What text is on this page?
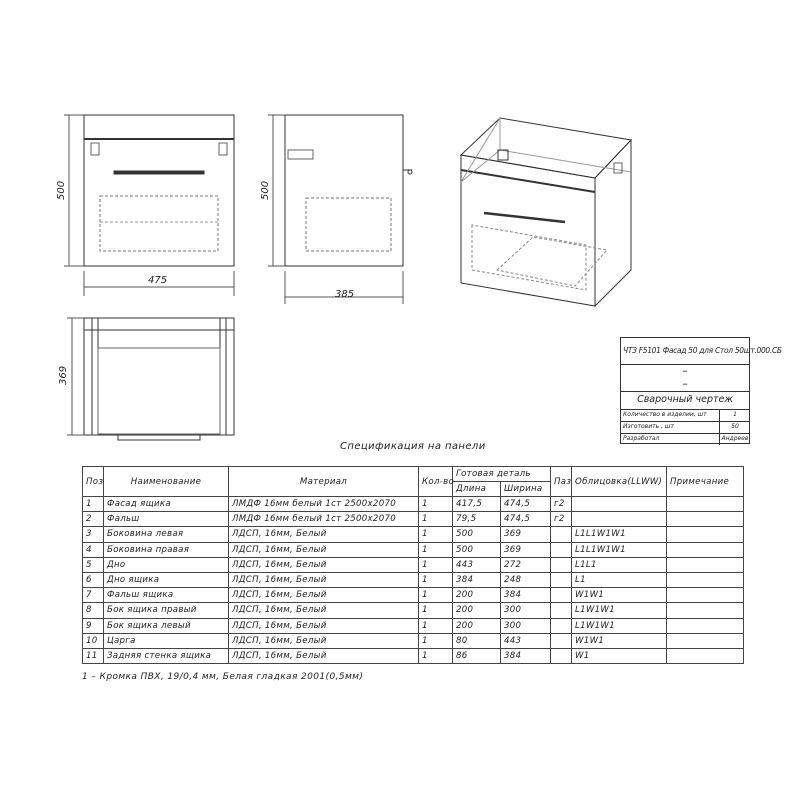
475
500
385
500
369
ЧТЗ F5101 Фасад 50 для Стол 50шт.000.СБ
–
–
Сварочный чертеж
Количество в изделии, шт	1
Изготовить , шт	50
Разработал	Андреев
Спецификация на панели
Поз	Наименование	Материал	Кол-во	Готовая деталь		Паз	Облицовка(LLWW)	Примечание
				Длина	Ширина			
1	Фасад ящика	ЛМДФ 16мм белый 1ст 2500х2070	1	417,5	474,5	г2		
2	Фальш	ЛМДФ 16мм белый 1ст 2500х2070	1	79,5	474,5	г2		
3	Боковина левая	ЛДСП, 16мм, Белый	1	500	369		L1L1W1W1	
4	Боковина правая	ЛДСП, 16мм, Белый	1	500	369		L1L1W1W1	
5	Дно	ЛДСП, 16мм, Белый	1	443	272		L1L1	
6	Дно ящика	ЛДСП, 16мм, Белый	1	384	248		L1	
7	Фальш ящика	ЛДСП, 16мм, Белый	1	200	384		W1W1	
8	Бок ящика правый	ЛДСП, 16мм, Белый	1	200	300		L1W1W1	
9	Бок ящика левый	ЛДСП, 16мм, Белый	1	200	300		L1W1W1	
10	Царга	ЛДСП, 16мм, Белый	1	80	443		W1W1	
11	Задняя стенка ящика	ЛДСП, 16мм, Белый	1	86	384		W1	
1 – Кромка ПВХ, 19/0,4 мм, Белая гладкая 2001(0,5мм)
